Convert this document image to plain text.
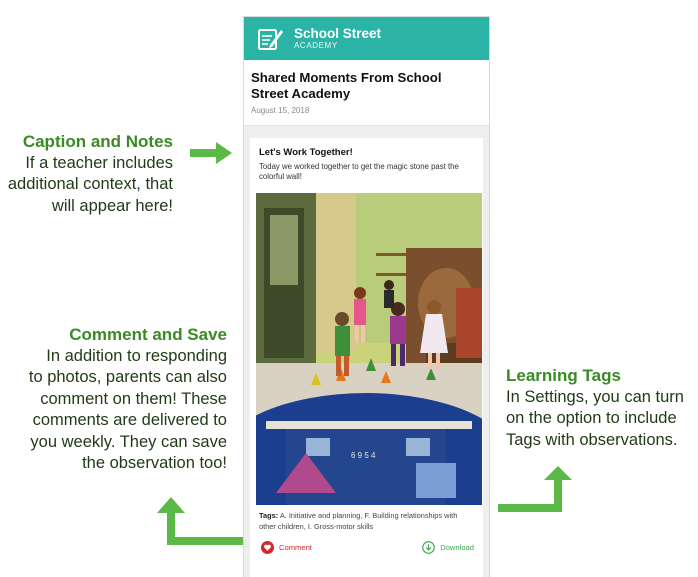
Caption and Notes
If a teacher includes
additional context, that
will appear here!
Comment and Save
In addition to responding
to photos, parents can also
comment on them! These
comments are delivered to
you weekly. They can save
the observation too!
Learning Tags
In Settings, you can turn
on the option to include
Tags with observations.
School Street
ACADEMY
Shared Moments From School Street Academy
August 15, 2018
Let's Work Together!
Today we worked together to get the magic stone past the colorful wall!
6 9 5 4
Tags: A. Initiative and planning, F. Building relationships with other children, I. Gross-motor skills
Comment	Download
